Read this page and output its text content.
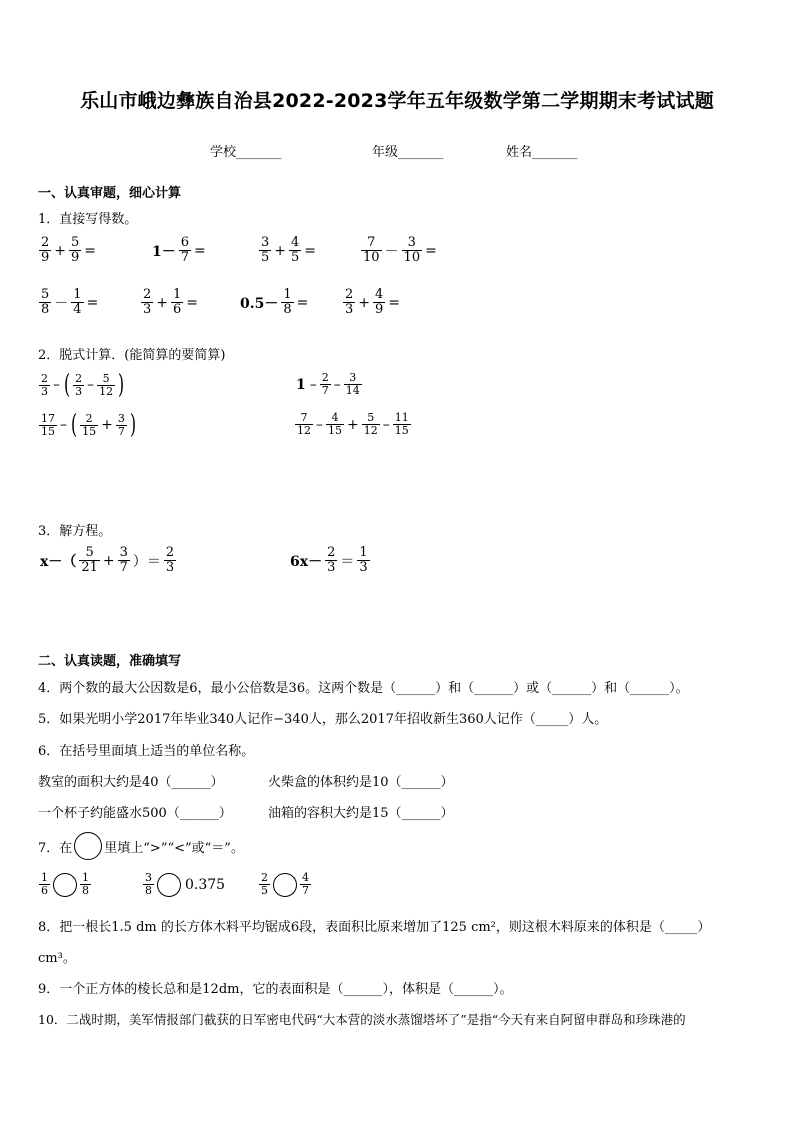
乐山市峨边彝族自治县2022-2023学年五年级数学第二学期期末考试试题
学校_______	年级_______	姓名_______
一、认真审题，细心计算
1．直接写得数。
$\frac{2}{9} + \frac{5}{9}$ =	$1- \frac{6}{7}$ =	$\frac{3}{5} + \frac{4}{5}$ =	$\frac{7}{10} - \frac{3}{10}$ =
$\frac{5}{8} - \frac{1}{4}$ =	$\frac{2}{3} + \frac{1}{6}$ =	$0.5- \frac{1}{8}$ =	$\frac{2}{3} + \frac{4}{9}$ =
2．脱式计算．(能简算的要简算)
$\frac{2}{3}$ – ( $\frac{2}{3} - \frac{5}{12}$ )	$1 - \frac{2}{7} - \frac{3}{14}$
$\frac{17}{15}$ – ( $\frac{2}{15} + \frac{3}{7}$ )	$\frac{7}{12} - \frac{4}{15} + \frac{5}{12} - \frac{11}{15}$
3．解方程。
$x-( \frac{5}{21} + \frac{3}{7}$ ）＝ $\frac{2}{3}$	$6x- \frac{2}{3} = \frac{1}{3}$
二、认真读题，准确填写
4．两个数的最大公因数是6，最小公倍数是36。这两个数是（______）和（______）或（______）和（______）。
5．如果光明小学2017年毕业340人记作−340人，那么2017年招收新生360人记作（_____）人。
6．在括号里面填上适当的单位名称。
教室的面积大约是40（______）	火柴盒的体积约是10（______）
一个杯子约能盛水500（______）	油箱的容积大约是15（______）
7．在 里填上“>”“<”或“＝”。
$\frac{1}{6}$	$\frac{1}{8}$	$\frac{3}{8} 0.375$	$\frac{2}{5}$	$\frac{4}{7}$
8．把一根长1.5 dm 的长方体木料平均锯成6段，表面积比原来增加了125 cm²，则这根木料原来的体积是（_____）
cm³。
9．一个正方体的棱长总和是12dm，它的表面积是（______），体积是（______）。
10．二战时期，美军情报部门截获的日军密电代码“大本营的淡水蒸馏塔坏了”是指“今天有来自阿留申群岛和珍珠港的
